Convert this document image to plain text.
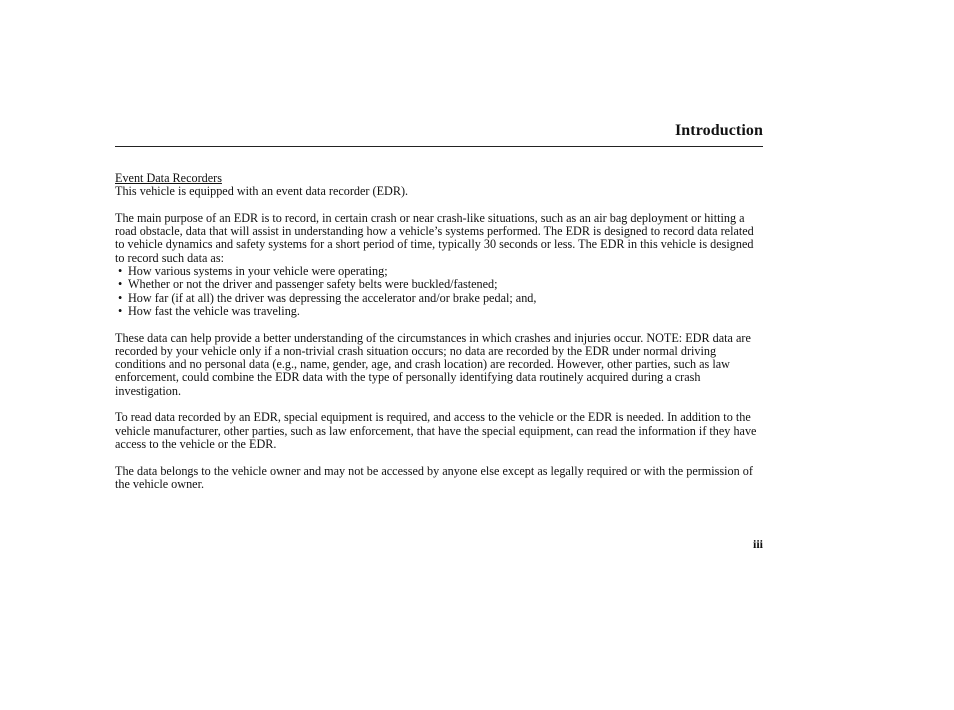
Introduction
Event Data Recorders

This vehicle is equipped with an event data recorder (EDR).

The main purpose of an EDR is to record, in certain crash or near crash-like situations, such as an air bag deployment or hitting a road obstacle, data that will assist in understanding how a vehicle’s systems performed. The EDR is designed to record data related to vehicle dynamics and safety systems for a short period of time, typically 30 seconds or less. The EDR in this vehicle is designed to record such data as:

• How various systems in your vehicle were operating;
• Whether or not the driver and passenger safety belts were buckled/fastened;
• How far (if at all) the driver was depressing the accelerator and/or brake pedal; and,
• How fast the vehicle was traveling.

These data can help provide a better understanding of the circumstances in which crashes and injuries occur. NOTE: EDR data are recorded by your vehicle only if a non-trivial crash situation occurs; no data are recorded by the EDR under normal driving conditions and no personal data (e.g., name, gender, age, and crash location) are recorded. However, other parties, such as law enforcement, could combine the EDR data with the type of personally identifying data routinely acquired during a crash investigation.

To read data recorded by an EDR, special equipment is required, and access to the vehicle or the EDR is needed. In addition to the vehicle manufacturer, other parties, such as law enforcement, that have the special equipment, can read the information if they have access to the vehicle or the EDR.

The data belongs to the vehicle owner and may not be accessed by anyone else except as legally required or with the permission of the vehicle owner.

iii
